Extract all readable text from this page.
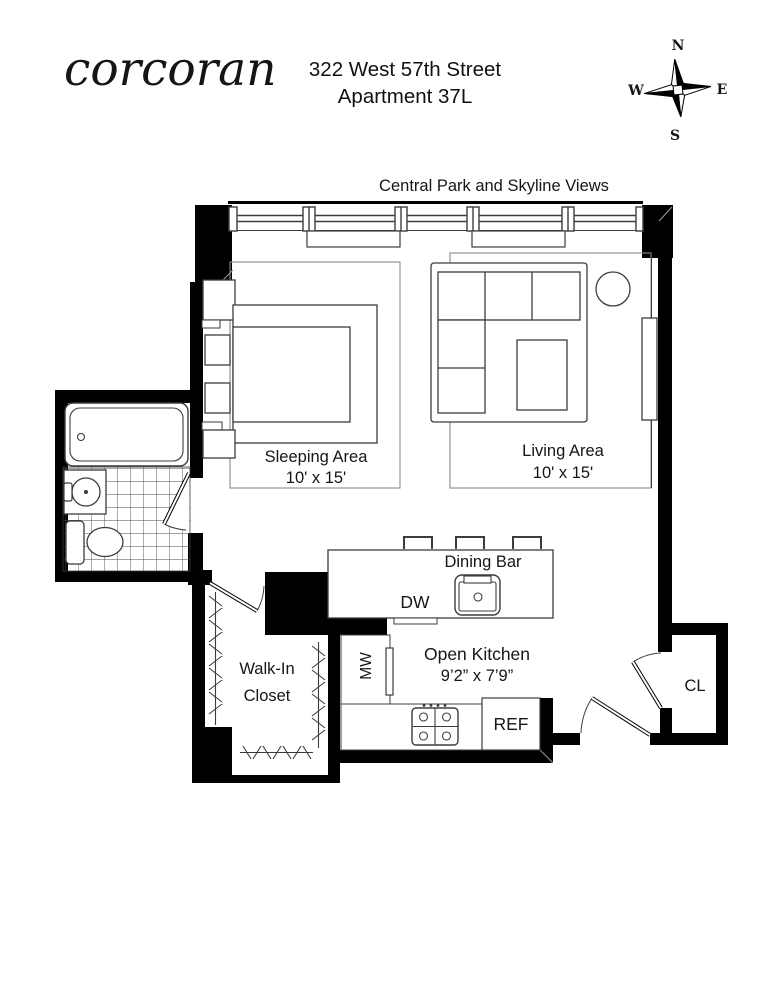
corcoran	322 West 57th Street
Apartment 37L
N
E
S
W
Central Park and Skyline Views
Sleeping Area
10' x 15'
Living Area
10' x 15'
Walk-In
Closet
Dining Bar
DW
MW	Open Kitchen
9’2” x 7’9”
REF
CL
